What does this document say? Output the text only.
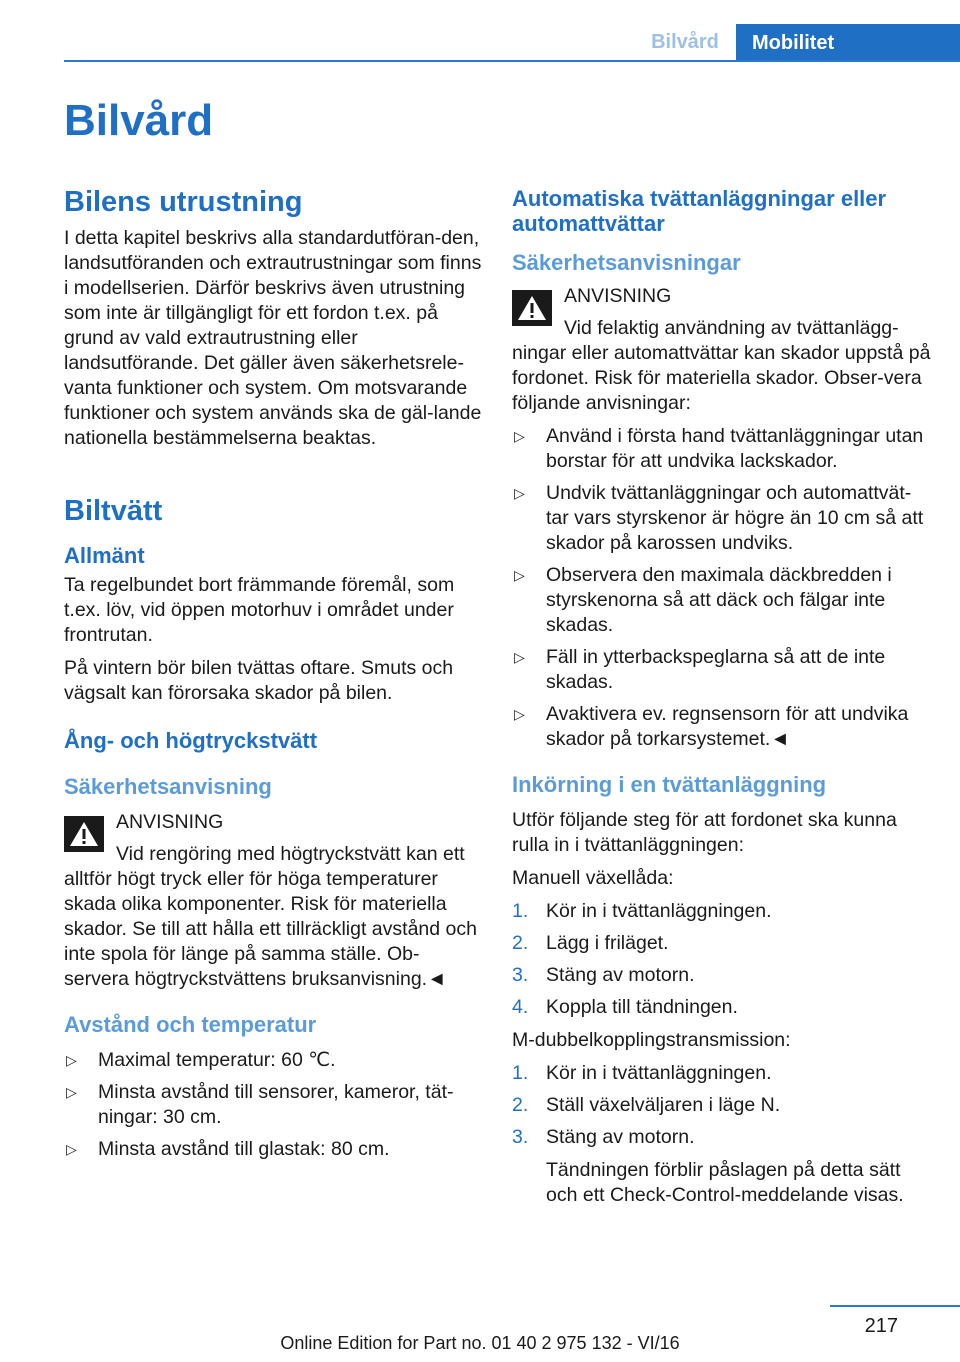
Bilvård	Mobilitet
Bilvård
Bilens utrustning

I detta kapitel beskrivs alla standardutföran-den, landsutföranden och extrautrustningar som finns i modellserien. Därför beskrivs även utrustning som inte är tillgängligt för ett fordon t.ex. på grund av vald extrautrustning eller landsutförande. Det gäller även säkerhetsrele-vanta funktioner och system. Om motsvarande funktioner och system används ska de gäl-lande nationella bestämmelserna beaktas.

Biltvätt
Allmänt

Ta regelbundet bort främmande föremål, som t.ex. löv, vid öppen motorhuv i området under frontrutan.

På vintern bör bilen tvättas oftare. Smuts och vägsalt kan förorsaka skador på bilen.

Ång- och högtryckstvätt
Säkerhetsanvisning
ANVISNING

Vid rengöring med högtryckstvätt kan ett alltför högt tryck eller för höga temperaturer skada olika komponenter. Risk för materiella skador. Se till att hålla ett tillräckligt avstånd och inte spola för länge på samma ställe. Ob-servera högtryckstvättens bruksanvisning.◄

Avstånd och temperatur
▷ Maximal temperatur: 60 ℃.
▷ Minsta avstånd till sensorer, kameror, tät-ningar: 30 cm.
▷ Minsta avstånd till glastak: 80 cm.
Automatiska tvättanläggningar eller automattvättar
Säkerhetsanvisningar
ANVISNING

Vid felaktig användning av tvättanlägg-ningar eller automattvättar kan skador uppstå på fordonet. Risk för materiella skador. Obser-vera följande anvisningar:

▷ Använd i första hand tvättanläggningar utan borstar för att undvika lackskador.
▷ Undvik tvättanläggningar och automattvät-tar vars styrskenor är högre än 10 cm så att skador på karossen undviks.
▷ Observera den maximala däckbredden i styrskenorna så att däck och fälgar inte skadas.
▷ Fäll in ytterbackspeglarna så att de inte skadas.
▷ Avaktivera ev. regnsensorn för att undvika skador på torkarsystemet.◄
Inkörning i en tvättanläggning

Utför följande steg för att fordonet ska kunna rulla in i tvättanläggningen:

Manuell växellåda:

1. Kör in i tvättanläggningen.
2. Lägg i friläget.
3. Stäng av motorn.
4. Koppla till tändningen.

M-dubbelkopplingstransmission:

1. Kör in i tvättanläggningen.
2. Ställ växelväljaren i läge N.
3. Stäng av motorn.

Tändningen förblir påslagen på detta sätt och ett Check-Control-meddelande visas.

217
Online Edition for Part no. 01 40 2 975 132 - VI/16
